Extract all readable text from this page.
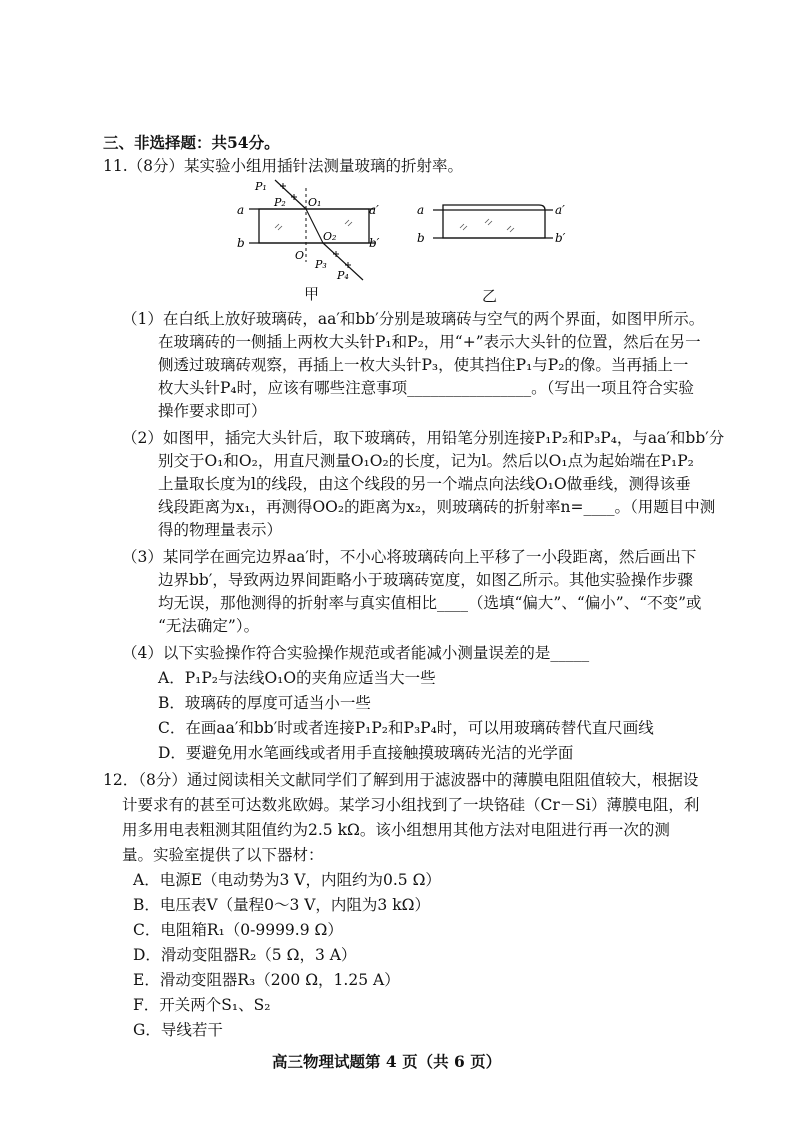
三、非选择题：共54分。
11.（8分）某实验小组用插针法测量玻璃的折射率。
a	a′
b	b′
P₁
P₂ O₁
O₂
O
P₃
P₄
甲
a	a′
b	b′
乙
（1）在白纸上放好玻璃砖，aa′和bb′分别是玻璃砖与空气的两个界面，如图甲所示。
在玻璃砖的一侧插上两枚大头针P₁和P₂，用“+”表示大头针的位置，然后在另一
侧透过玻璃砖观察，再插上一枚大头针P₃，使其挡住P₁与P₂的像。当再插上一
枚大头针P₄时，应该有哪些注意事项________________。（写出一项且符合实验
操作要求即可）
（2）如图甲，插完大头针后，取下玻璃砖，用铅笔分别连接P₁P₂和P₃P₄，与aa′和bb′分
别交于O₁和O₂，用直尺测量O₁O₂的长度，记为l。然后以O₁点为起始端在P₁P₂
上量取长度为l的线段，由这个线段的另一个端点向法线O₁O做垂线，测得该垂
线段距离为x₁，再测得OO₂的距离为x₂，则玻璃砖的折射率n=____。（用题目中测
得的物理量表示）
（3）某同学在画完边界aa′时，不小心将玻璃砖向上平移了一小段距离，然后画出下
边界bb′，导致两边界间距略小于玻璃砖宽度，如图乙所示。其他实验操作步骤
均无误，那他测得的折射率与真实值相比____（选填“偏大”、“偏小”、“不变”或
“无法确定”）。
（4）以下实验操作符合实验操作规范或者能减小测量误差的是_____
A．P₁P₂与法线O₁O的夹角应适当大一些
B．玻璃砖的厚度可适当小一些
C．在画aa′和bb′时或者连接P₁P₂和P₃P₄时，可以用玻璃砖替代直尺画线
D．要避免用水笔画线或者用手直接触摸玻璃砖光洁的光学面
12．（8分）通过阅读相关文献同学们了解到用于滤波器中的薄膜电阻阻值较大，根据设
计要求有的甚至可达数兆欧姆。某学习小组找到了一块铬硅（Cr－Si）薄膜电阻，利
用多用电表粗测其阻值约为2.5 kΩ。该小组想用其他方法对电阻进行再一次的测
量。实验室提供了以下器材：
A．电源E（电动势为3 V，内阻约为0.5 Ω）
B．电压表V（量程0～3 V，内阻为3 kΩ）
C．电阻箱R₁（0-9999.9 Ω）
D．滑动变阻器R₂（5 Ω，3 A）
E．滑动变阻器R₃（200 Ω，1.25 A）
F．开关两个S₁、S₂
G．导线若干
高三物理试题第 4 页（共 6 页）
